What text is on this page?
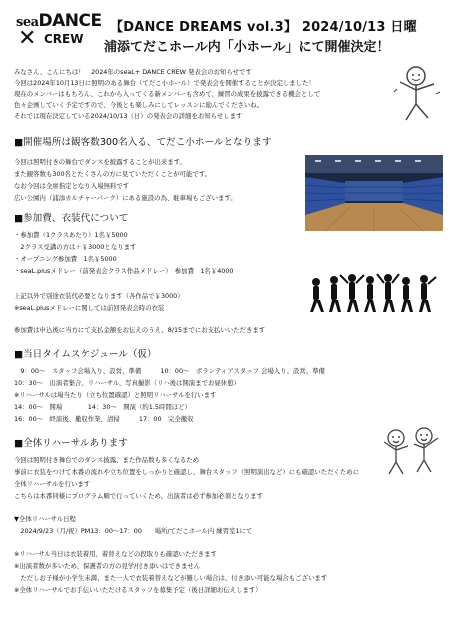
seaDANCE
✕ CREW
【DANCE DREAMS vol.3】 2024/10/13 日曜
浦添てだこホール内「小ホール」にて開催決定！
みなさん、こんにちは！　2024年のseaL+ DANCE CREW 発表会のお知らせです
今回は2024年10月13日に照明のある舞台（てだこ小ホール）で発表会を開催することが決定しました！
現在のメンバーはもちろん、これから入ってくる新メンバーも含めて、練習の成果を披露できる機会として
色々企画していく予定ですので、今後とも楽しみにしてレッスンに励んでくださいね。
それでは現在決定している2024/10/13（日）の発表会の詳細をお知らせします
■開催場所は観客数300名入る、てだこ小ホールとなります
今回は照明付きの舞台でダンスを披露することが出来ます。
また観客数も300名とたくさんの方に見ていただくことが可能です。
なお今回は全席指定となり入場無料です
広い公園内（浦添カルチャーパーク）にある施設の為、駐車場もございます。
■参加費、衣装代について
・参加費（1クラスあたり）1名￥5000
　2クラス受講の方は＋￥3000となります
・オープニング参加費　1名￥5000
・seaL.plusメドレー（前発表会クラス作品メドレー）　参加費　1名￥4000
上記以外で別途衣装代必要となります（各作品で￥3000）
※seaL.plusメドレーに関しては前回発表会時の衣装
参加費は申込後に当方にて支払金額をお伝えのうえ、8/15までにお支払いいただきます
■当日タイムスケジュール（仮）
　9：00～　スタッフ会場入り、設営、準備　　　10：00～　ボランティアスタッフ 会場入り、設営、準備
10：30～　出演者集合、リハーサル、写真撮影（リハ後は開演までお昼休憩）
※リハーサルは場当たり（立ち位置確認）と照明リハーサルを行います
14：00～　開場　　　　14：30～　開演（約1.5時間ほど）
16：00～　終演後、撤収作業、清掃　　　17：00　完全撤収
■全体リハーサルあります
今回は照明付き舞台でのダンス披露、また作品数も多くなるため
事前に衣装をつけて本番の流れや立ち位置をしっかりと確認し、舞台スタッフ（照明演出など）にも確認いただくために
全体リハーサルを行います
こちらは本番同様にプログラム順で行っていくため、出演者は必ず参加必須となります
▼全体リハーサル日程
　2024/9/23（月/祝）PM13：00～17：00　　場所/てだこホール内 練習室1にて
※リハーサル当日は衣装着用、着替えなどの段取りも確認いただきます
※出演者数が多いため、保護者の方の見学/付き添いはできません
　ただしお子様が小学生未満、また一人で衣装着替えなどが難しい場合は、付き添い可能な場合もございます
※全体リハーサルでお手伝いいただけるスタッフを募集予定（後日詳細お伝えします）
